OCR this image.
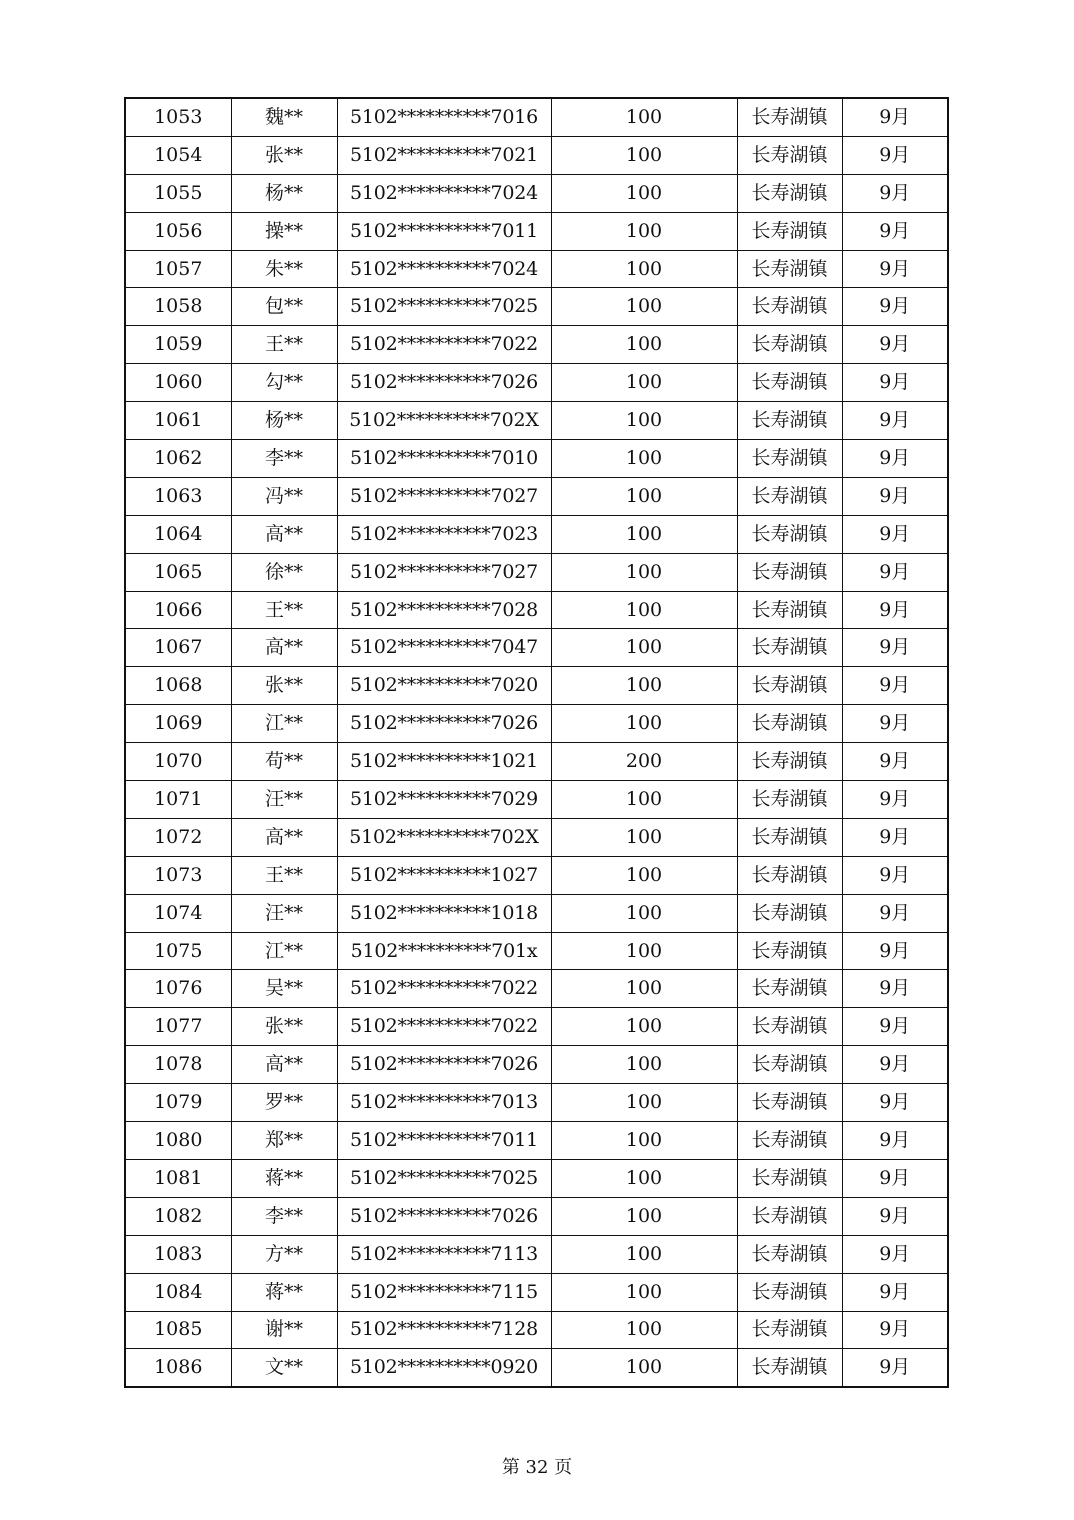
1053	魏**	5102**********7016	100	长寿湖镇	9月
1054	张**	5102**********7021	100	长寿湖镇	9月
1055	杨**	5102**********7024	100	长寿湖镇	9月
1056	操**	5102**********7011	100	长寿湖镇	9月
1057	朱**	5102**********7024	100	长寿湖镇	9月
1058	包**	5102**********7025	100	长寿湖镇	9月
1059	王**	5102**********7022	100	长寿湖镇	9月
1060	勾**	5102**********7026	100	长寿湖镇	9月
1061	杨**	5102**********702X	100	长寿湖镇	9月
1062	李**	5102**********7010	100	长寿湖镇	9月
1063	冯**	5102**********7027	100	长寿湖镇	9月
1064	高**	5102**********7023	100	长寿湖镇	9月
1065	徐**	5102**********7027	100	长寿湖镇	9月
1066	王**	5102**********7028	100	长寿湖镇	9月
1067	高**	5102**********7047	100	长寿湖镇	9月
1068	张**	5102**********7020	100	长寿湖镇	9月
1069	江**	5102**********7026	100	长寿湖镇	9月
1070	苟**	5102**********1021	200	长寿湖镇	9月
1071	汪**	5102**********7029	100	长寿湖镇	9月
1072	高**	5102**********702X	100	长寿湖镇	9月
1073	王**	5102**********1027	100	长寿湖镇	9月
1074	汪**	5102**********1018	100	长寿湖镇	9月
1075	江**	5102**********701x	100	长寿湖镇	9月
1076	吴**	5102**********7022	100	长寿湖镇	9月
1077	张**	5102**********7022	100	长寿湖镇	9月
1078	高**	5102**********7026	100	长寿湖镇	9月
1079	罗**	5102**********7013	100	长寿湖镇	9月
1080	郑**	5102**********7011	100	长寿湖镇	9月
1081	蒋**	5102**********7025	100	长寿湖镇	9月
1082	李**	5102**********7026	100	长寿湖镇	9月
1083	方**	5102**********7113	100	长寿湖镇	9月
1084	蒋**	5102**********7115	100	长寿湖镇	9月
1085	谢**	5102**********7128	100	长寿湖镇	9月
1086	文**	5102**********0920	100	长寿湖镇	9月
第 32 页
